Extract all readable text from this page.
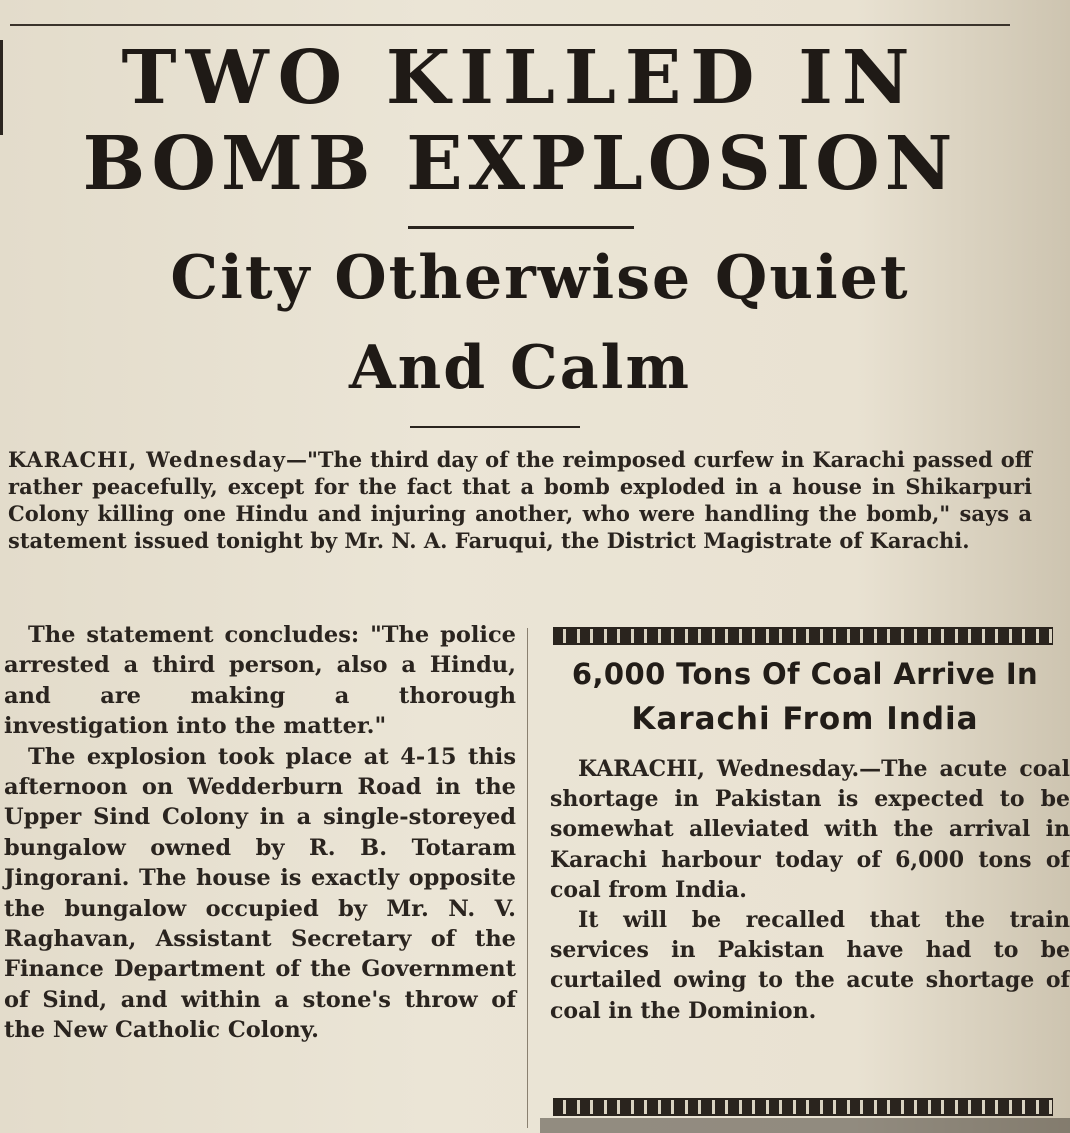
TWO KILLED IN
BOMB EXPLOSION
City Otherwise Quiet
And Calm

KARACHI, Wednesday—"The third day of the reimposed curfew in Karachi passed off rather peacefully, except for the fact that a bomb exploded in a house in Shikarpuri Colony killing one Hindu and injuring another, who were handling the bomb," says a statement issued tonight by Mr. N. A. Faruqui, the District Magistrate of Karachi.

The statement concludes: "The police arrested a third person, also a Hindu, and are making a thorough investigation into the matter."

The explosion took place at 4-15 this afternoon on Wedderburn Road in the Upper Sind Colony in a single-storeyed bungalow owned by R. B. Totaram Jingorani. The house is exactly opposite the bungalow occupied by Mr. N. V. Raghavan, Assistant Secretary of the Finance Department of the Government of Sind, and within a stone's throw of the New Catholic Colony.

6,000 Tons Of Coal Arrive In
Karachi From India

KARACHI, Wednesday.—The acute coal shortage in Pakistan is expected to be somewhat alleviated with the arrival in Karachi harbour today of 6,000 tons of coal from India.

It will be recalled that the train services in Pakistan have had to be curtailed owing to the acute shortage of coal in the Dominion.
